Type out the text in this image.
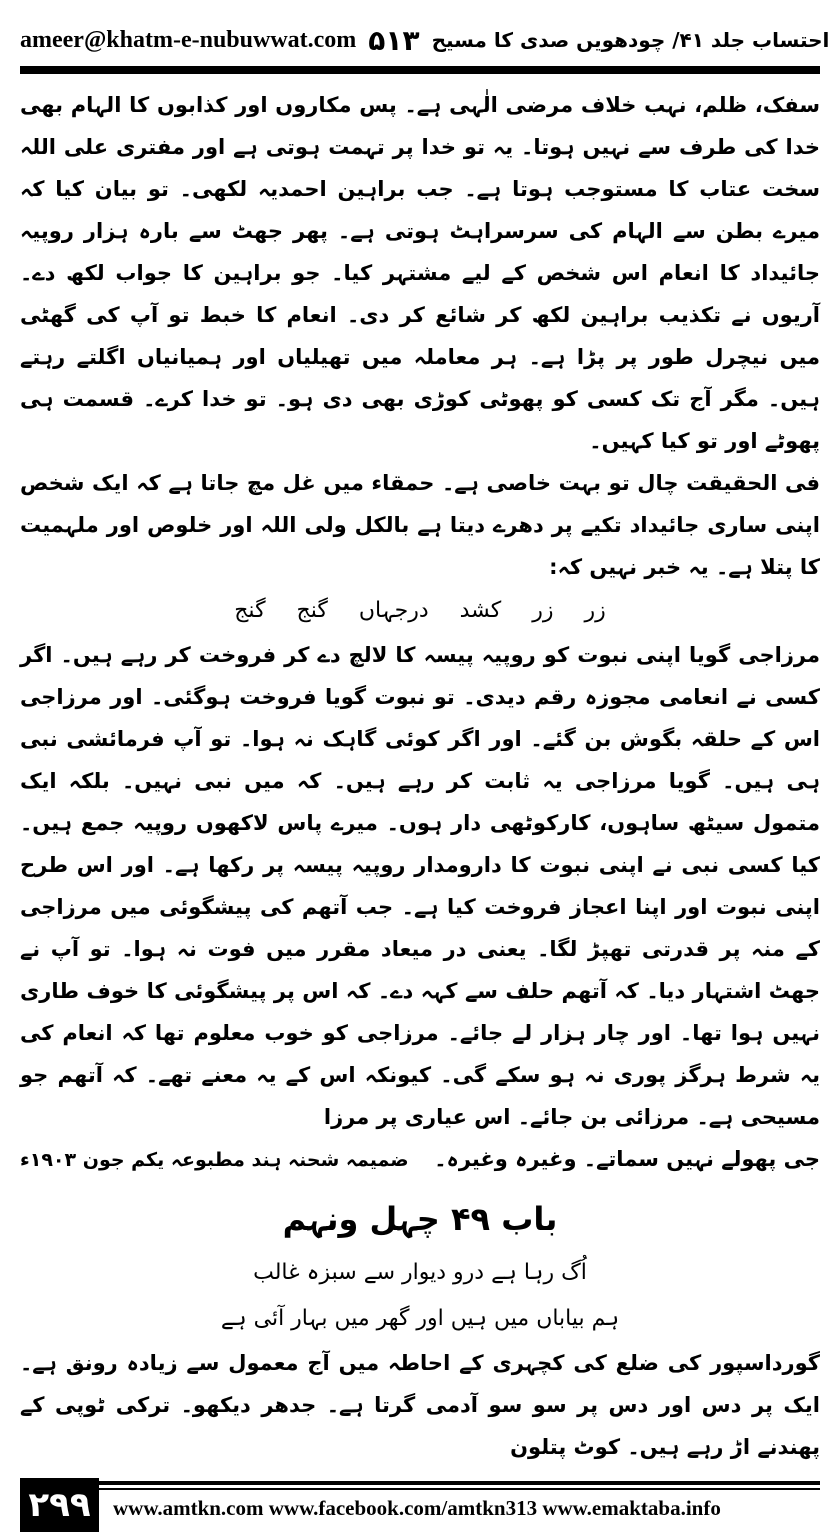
ameer@khatm-e-nubuwwat.com ۵۱۳ احتساب جلد ۴۱/ چودھویں صدی کا مسیح

سفک، ظلم، نہب خلاف مرضی الٰہی ہے۔ پس مکاروں اور کذابوں کا الہام بھی خدا کی طرف سے نہیں ہوتا۔ یہ تو خدا پر تہمت ہوتی ہے اور مفتری علی اللہ سخت عتاب کا مستوجب ہوتا ہے۔ جب براہین احمدیہ لکھی۔ تو بیان کیا کہ میرے بطن سے الہام کی سرسراہٹ ہوتی ہے۔ پھر جھٹ سے بارہ ہزار روپیہ جائیداد کا انعام اس شخص کے لیے مشتہر کیا۔ جو براہین کا جواب لکھ دے۔ آریوں نے تکذیب براہین لکھ کر شائع کر دی۔ انعام کا خبط تو آپ کی گھٹی میں نیچرل طور پر پڑا ہے۔ ہر معاملہ میں تھیلیاں اور ہمیانیاں اگلتے رہتے ہیں۔ مگر آج تک کسی کو پھوٹی کوڑی بھی دی ہو۔ تو خدا کرے۔ قسمت ہی پھوٹے اور تو کیا کہیں۔

فی الحقیقت چال تو بہت خاصی ہے۔ حمقاء میں غل مچ جاتا ہے کہ ایک شخص اپنی ساری جائیداد تکیے پر دھرے دیتا ہے بالکل ولی اللہ اور خلوص اور ملہمیت کا پتلا ہے۔ یہ خبر نہیں کہ:

زر زر کشد درجہاں گنج گنج

مرزاجی گویا اپنی نبوت کو روپیہ پیسہ کا لالچ دے کر فروخت کر رہے ہیں۔ اگر کسی نے انعامی مجوزہ رقم دیدی۔ تو نبوت گویا فروخت ہوگئی۔ اور مرزاجی اس کے حلقہ بگوش بن گئے۔ اور اگر کوئی گاہک نہ ہوا۔ تو آپ فرمائشی نبی ہی ہیں۔ گویا مرزاجی یہ ثابت کر رہے ہیں۔ کہ میں نبی نہیں۔ بلکہ ایک متمول سیٹھ ساہوں، کارکوٹھی دار ہوں۔ میرے پاس لاکھوں روپیہ جمع ہیں۔ کیا کسی نبی نے اپنی نبوت کا دارومدار روپیہ پیسہ پر رکھا ہے۔ اور اس طرح اپنی نبوت اور اپنا اعجاز فروخت کیا ہے۔ جب آتھم کی پیشگوئی میں مرزاجی کے منہ پر قدرتی تھپڑ لگا۔ یعنی در میعاد مقرر میں فوت نہ ہوا۔ تو آپ نے جھٹ اشتہار دیا۔ کہ آتھم حلف سے کہہ دے۔ کہ اس پر پیشگوئی کا خوف طاری نہیں ہوا تھا۔ اور چار ہزار لے جائے۔ مرزاجی کو خوب معلوم تھا کہ انعام کی یہ شرط ہرگز پوری نہ ہو سکے گی۔ کیونکہ اس کے یہ معنے تھے۔ کہ آتھم جو مسیحی ہے۔ مرزائی بن جائے۔ اس عیاری پر مرزا

جی پھولے نہیں سماتے۔ وغیرہ وغیرہ۔
ضمیمہ شحنہ ہند مطبوعہ یکم جون ۱۹۰۳ء

باب ۴۹ چہل ونہم

اُگ رہا ہے درو دیوار سے سبزہ غالب

ہم بیاباں میں ہیں اور گھر میں بہار آئی ہے

گورداسپور کی ضلع کی کچہری کے احاطہ میں آج معمول سے زیادہ رونق ہے۔ ایک پر دس اور دس پر سو سو آدمی گرتا ہے۔ جدھر دیکھو۔ ترکی ٹوپی کے پھندنے اڑ رہے ہیں۔ کوٹ پتلون

۲۹۹	www.amtkn.com www.facebook.com/amtkn313 www.emaktaba.info
